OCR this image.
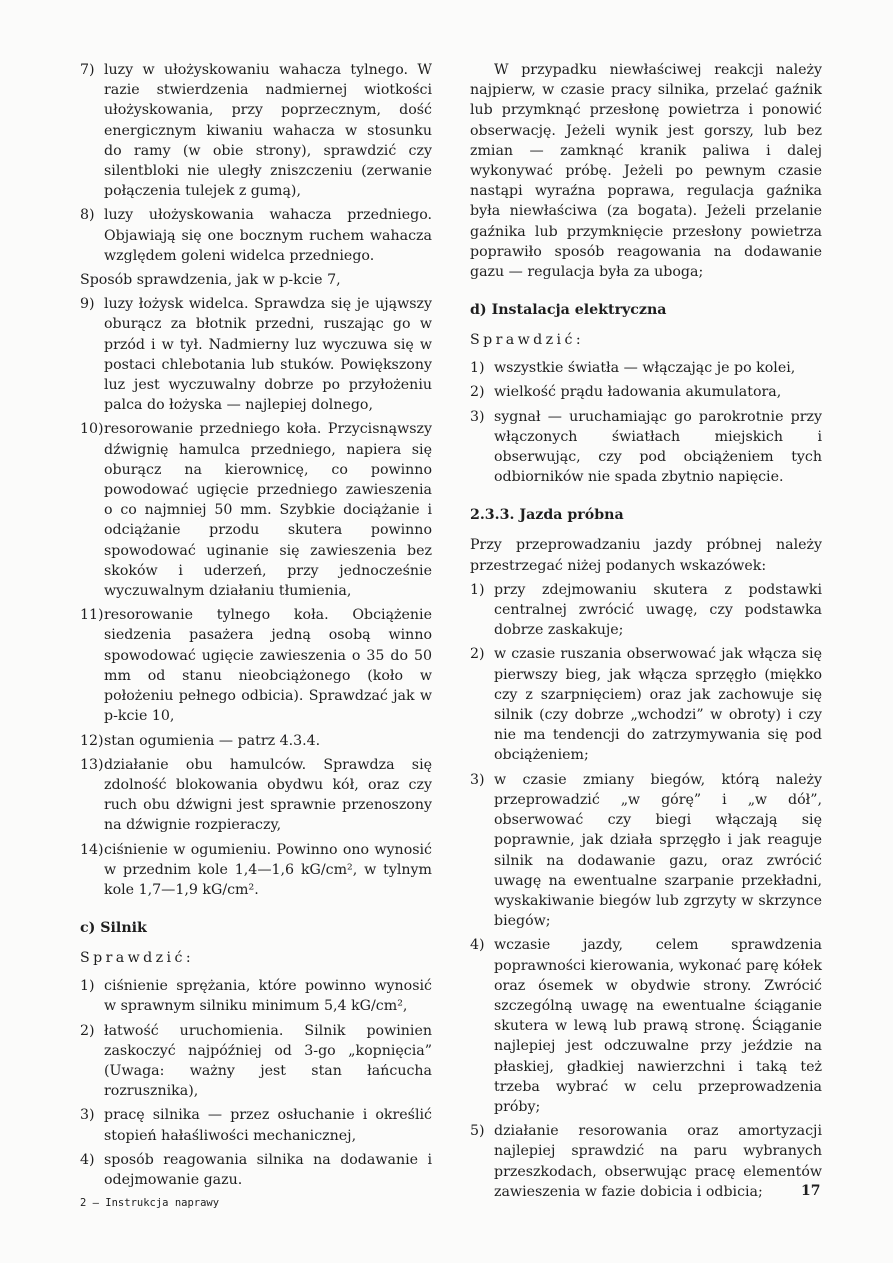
7) luzy w ułożyskowaniu wahacza tylnego. W razie stwierdzenia nadmiernej wiotkości ułożyskowania, przy poprzecznym, dość energicznym kiwaniu wahacza w stosunku do ramy (w obie strony), sprawdzić czy silentbloki nie uległy zniszczeniu (zerwanie połączenia tulejek z gumą),
8) luzy ułożyskowania wahacza przedniego. Objawiają się one bocznym ruchem wahacza względem goleni widelca przedniego.
Sposób sprawdzenia, jak w p-kcie 7,
9) luzy łożysk widelca. Sprawdza się je ująwszy oburącz za błotnik przedni, ruszając go w przód i w tył. Nadmierny luz wyczuwa się w postaci chlebotania lub stuków. Powiększony luz jest wyczuwalny dobrze po przyłożeniu palca do łożyska — najlepiej dolnego,
10) resorowanie przedniego koła. Przycisnąwszy dźwignię hamulca przedniego, napiera się oburącz na kierownicę, co powinno powodować ugięcie przedniego zawieszenia o co najmniej 50 mm. Szybkie dociążanie i odciążanie przodu skutera powinno spowodować uginanie się zawieszenia bez skoków i uderzeń, przy jednocześnie wyczuwalnym działaniu tłumienia,
11) resorowanie tylnego koła. Obciążenie siedzenia pasażera jedną osobą winno spowodować ugięcie zawieszenia o 35 do 50 mm od stanu nieobciążonego (koło w położeniu pełnego odbicia). Sprawdzać jak w p-kcie 10,
12) stan ogumienia — patrz 4.3.4.
13) działanie obu hamulców. Sprawdza się zdolność blokowania obydwu kół, oraz czy ruch obu dźwigni jest sprawnie przenoszony na dźwignie rozpieraczy,
14) ciśnienie w ogumieniu. Powinno ono wynosić w przednim kole 1,4—1,6 kG/cm², w tylnym kole 1,7—1,9 kG/cm².
c) Silnik
Sprawdzić:
1) ciśnienie sprężania, które powinno wynosić w sprawnym silniku minimum 5,4 kG/cm²,
2) łatwość uruchomienia. Silnik powinien zaskoczyć najpóźniej od 3-go „kopnięcia” (Uwaga: ważny jest stan łańcucha rozrusznika),
3) pracę silnika — przez osłuchanie i określić stopień hałaśliwości mechanicznej,
4) sposób reagowania silnika na dodawanie i odejmowanie gazu.
W przypadku niewłaściwej reakcji należy najpierw, w czasie pracy silnika, przelać gaźnik lub przymknąć przesłonę powietrza i ponowić obserwację. Jeżeli wynik jest gorszy, lub bez zmian — zamknąć kranik paliwa i dalej wykonywać próbę. Jeżeli po pewnym czasie nastąpi wyraźna poprawa, regulacja gaźnika była niewłaściwa (za bogata). Jeżeli przelanie gaźnika lub przymknięcie przesłony powietrza poprawiło sposób reagowania na dodawanie gazu — regulacja była za uboga;
d) Instalacja elektryczna
Sprawdzić:
1) wszystkie światła — włączając je po kolei,
2) wielkość prądu ładowania akumulatora,
3) sygnał — uruchamiając go parokrotnie przy włączonych światłach miejskich i obserwując, czy pod obciążeniem tych odbiorników nie spada zbytnio napięcie.
2.3.3. Jazda próbna
Przy przeprowadzaniu jazdy próbnej należy przestrzegać niżej podanych wskazówek:
1) przy zdejmowaniu skutera z podstawki centralnej zwrócić uwagę, czy podstawka dobrze zaskakuje;
2) w czasie ruszania obserwować jak włącza się pierwszy bieg, jak włącza sprzęgło (miękko czy z szarpnięciem) oraz jak zachowuje się silnik (czy dobrze „wchodzi” w obroty) i czy nie ma tendencji do zatrzymywania się pod obciążeniem;
3) w czasie zmiany biegów, którą należy przeprowadzić „w górę” i „w dół”, obserwować czy biegi włączają się poprawnie, jak działa sprzęgło i jak reaguje silnik na dodawanie gazu, oraz zwrócić uwagę na ewentualne szarpanie przekładni, wyskakiwanie biegów lub zgrzyty w skrzynce biegów;
4) wczasie jazdy, celem sprawdzenia poprawności kierowania, wykonać parę kółek oraz ósemek w obydwie strony. Zwrócić szczególną uwagę na ewentualne ściąganie skutera w lewą lub prawą stronę. Ściąganie najlepiej jest odczuwalne przy jeździe na płaskiej, gładkiej nawierzchni i taką też trzeba wybrać w celu przeprowadzenia próby;
5) działanie resorowania oraz amortyzacji najlepiej sprawdzić na paru wybranych przeszkodach, obserwując pracę elementów zawieszenia w fazie dobicia i odbicia;
2 — Instrukcja naprawy
17
